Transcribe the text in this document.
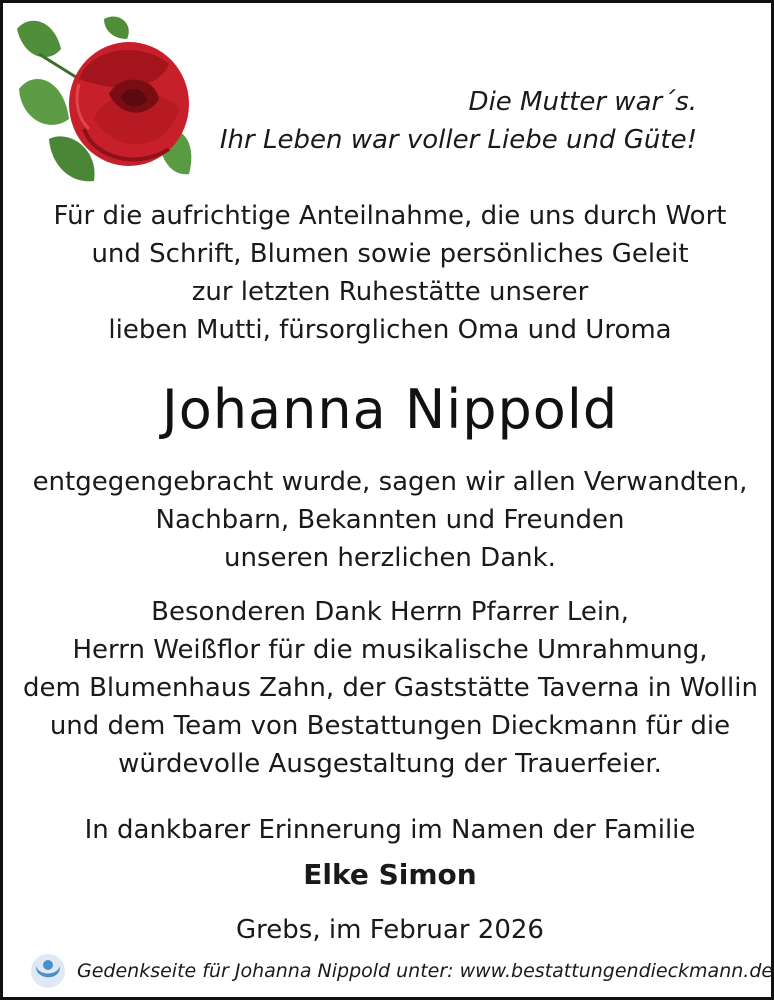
Die Mutter war´s.
Ihr Leben war voller Liebe und Güte!
Für die aufrichtige Anteilnahme, die uns durch Wort
und Schrift, Blumen sowie persönliches Geleit
zur letzten Ruhestätte unserer
lieben Mutti, fürsorglichen Oma und Uroma
Johanna Nippold
entgegengebracht wurde, sagen wir allen Verwandten,
Nachbarn, Bekannten und Freunden
unseren herzlichen Dank.
Besonderen Dank Herrn Pfarrer Lein,
Herrn Weißflor für die musikalische Umrahmung,
dem Blumenhaus Zahn, der Gaststätte Taverna in Wollin
und dem Team von Bestattungen Dieckmann für die
würdevolle Ausgestaltung der Trauerfeier.
In dankbarer Erinnerung im Namen der Familie
Elke Simon
Grebs, im Februar 2026
Gedenkseite für Johanna Nippold unter: www.bestattungendieckmann.de
